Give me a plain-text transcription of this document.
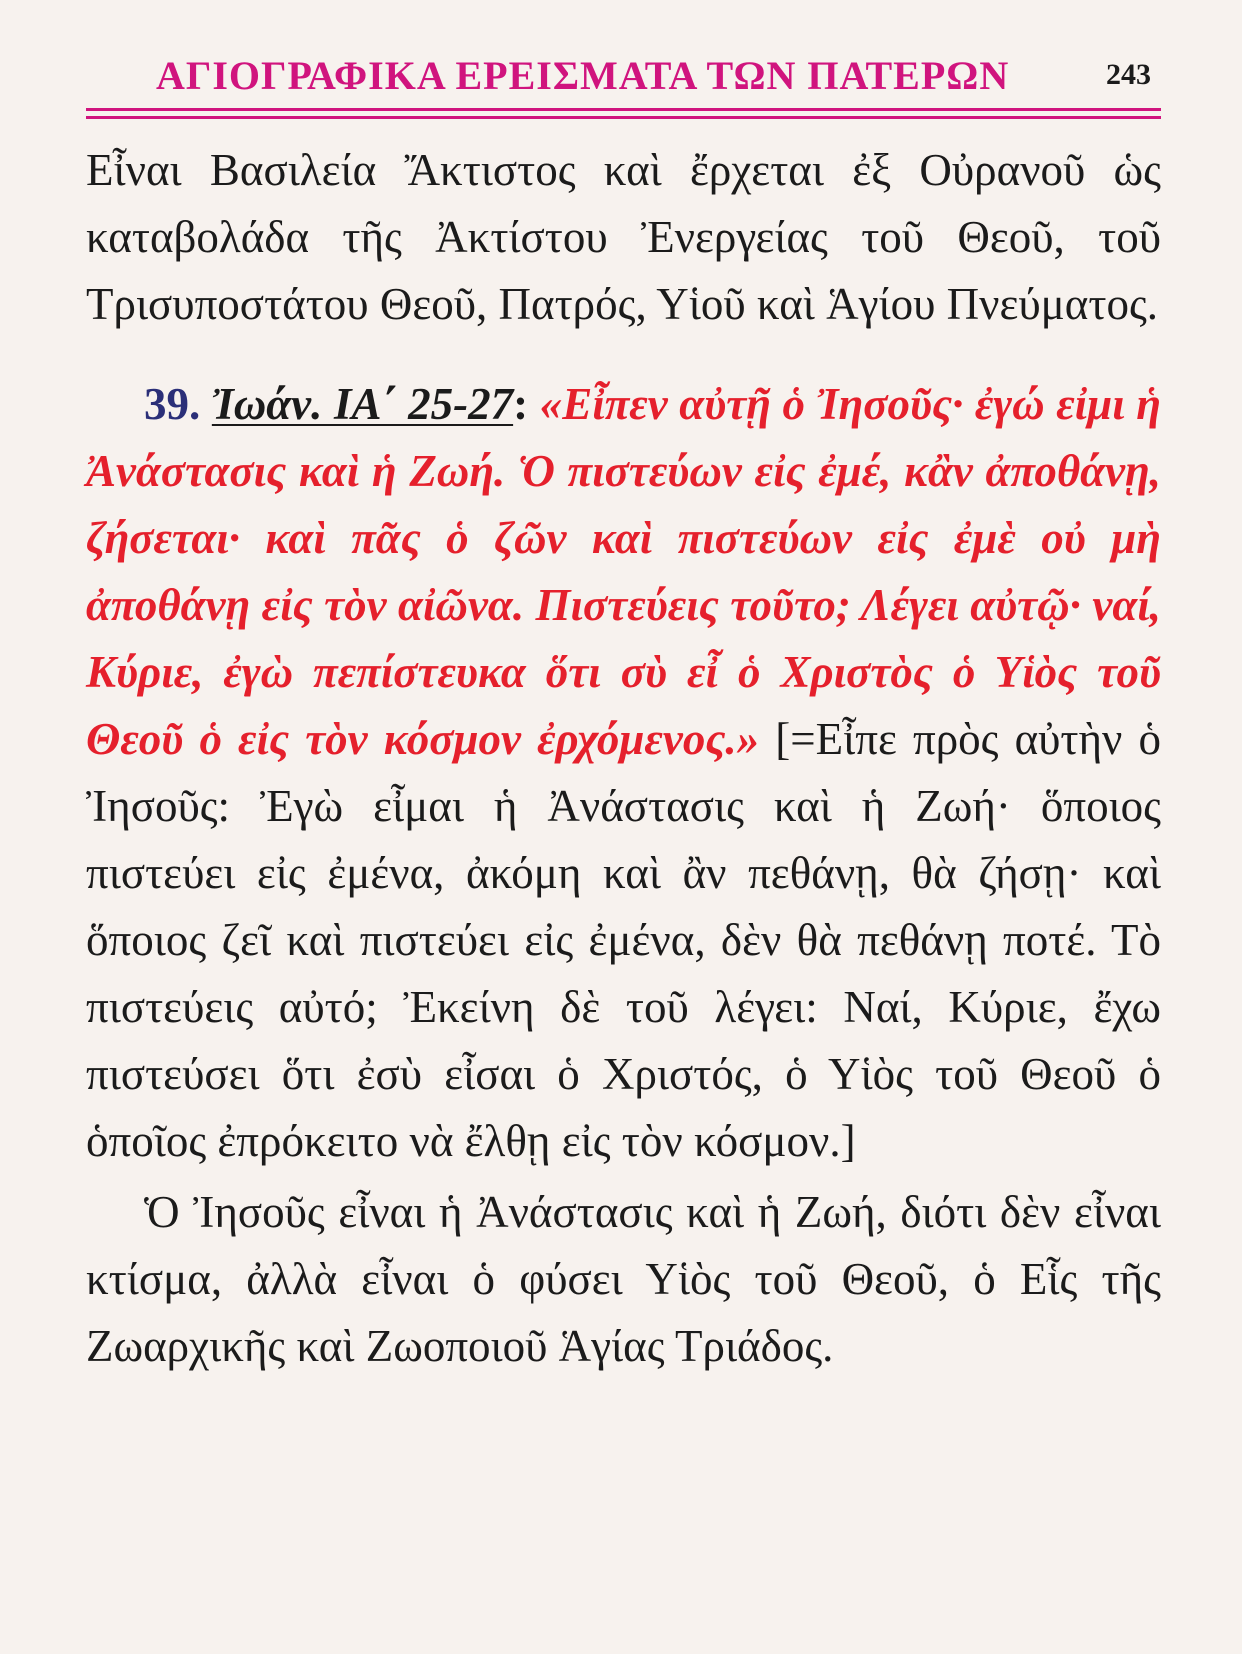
ΑΓΙΟΓΡΑΦΙΚΑ ΕΡΕΙΣΜΑΤΑ ΤΩΝ ΠΑΤΕΡΩΝ	243

Εἶναι Βασιλεία Ἄκτιστος καὶ ἔρχεται ἐξ Οὐρανοῦ ὡς καταβολάδα τῆς Ἀκτίστου Ἐνεργείας τοῦ Θεοῦ, τοῦ Τρισυποστάτου Θεοῦ, Πατρός, Υἱοῦ καὶ Ἁγίου Πνεύματος.

39. Ἰωάν. ΙΑ΄ 25-27: «Εἶπεν αὐτῇ ὁ Ἰησοῦς· ἐγώ εἰμι ἡ Ἀνάστασις καὶ ἡ Ζωή. Ὁ πιστεύων εἰς ἐμέ, κἂν ἀποθάνῃ, ζήσεται· καὶ πᾶς ὁ ζῶν καὶ πιστεύων εἰς ἐμὲ οὐ μὴ ἀποθάνῃ εἰς τὸν αἰῶνα. Πιστεύεις τοῦτο; Λέγει αὐτῷ· ναί, Κύριε, ἐγὼ πεπίστευκα ὅτι σὺ εἶ ὁ Χριστὸς ὁ Υἱὸς τοῦ Θεοῦ ὁ εἰς τὸν κόσμον ἐρχόμενος.» [=Εἶπε πρὸς αὐτὴν ὁ Ἰησοῦς: Ἐγὼ εἶμαι ἡ Ἀνάστασις καὶ ἡ Ζωή· ὅποιος πιστεύει εἰς ἐμένα, ἀκόμη καὶ ἂν πεθάνῃ, θὰ ζήσῃ· καὶ ὅποιος ζεῖ καὶ πιστεύει εἰς ἐμένα, δὲν θὰ πεθάνῃ ποτέ. Τὸ πιστεύεις αὐτό; Ἐκείνη δὲ τοῦ λέγει: Ναί, Κύριε, ἔχω πιστεύσει ὅτι ἐσὺ εἶσαι ὁ Χριστός, ὁ Υἱὸς τοῦ Θεοῦ ὁ ὁποῖος ἐπρόκειτο νὰ ἔλθῃ εἰς τὸν κόσμον.]

Ὁ Ἰησοῦς εἶναι ἡ Ἀνάστασις καὶ ἡ Ζωή, διότι δὲν εἶναι κτίσμα, ἀλλὰ εἶναι ὁ φύσει Υἱὸς τοῦ Θεοῦ, ὁ Εἷς τῆς Ζωαρχικῆς καὶ Ζωοποιοῦ Ἁγίας Τριάδος.
